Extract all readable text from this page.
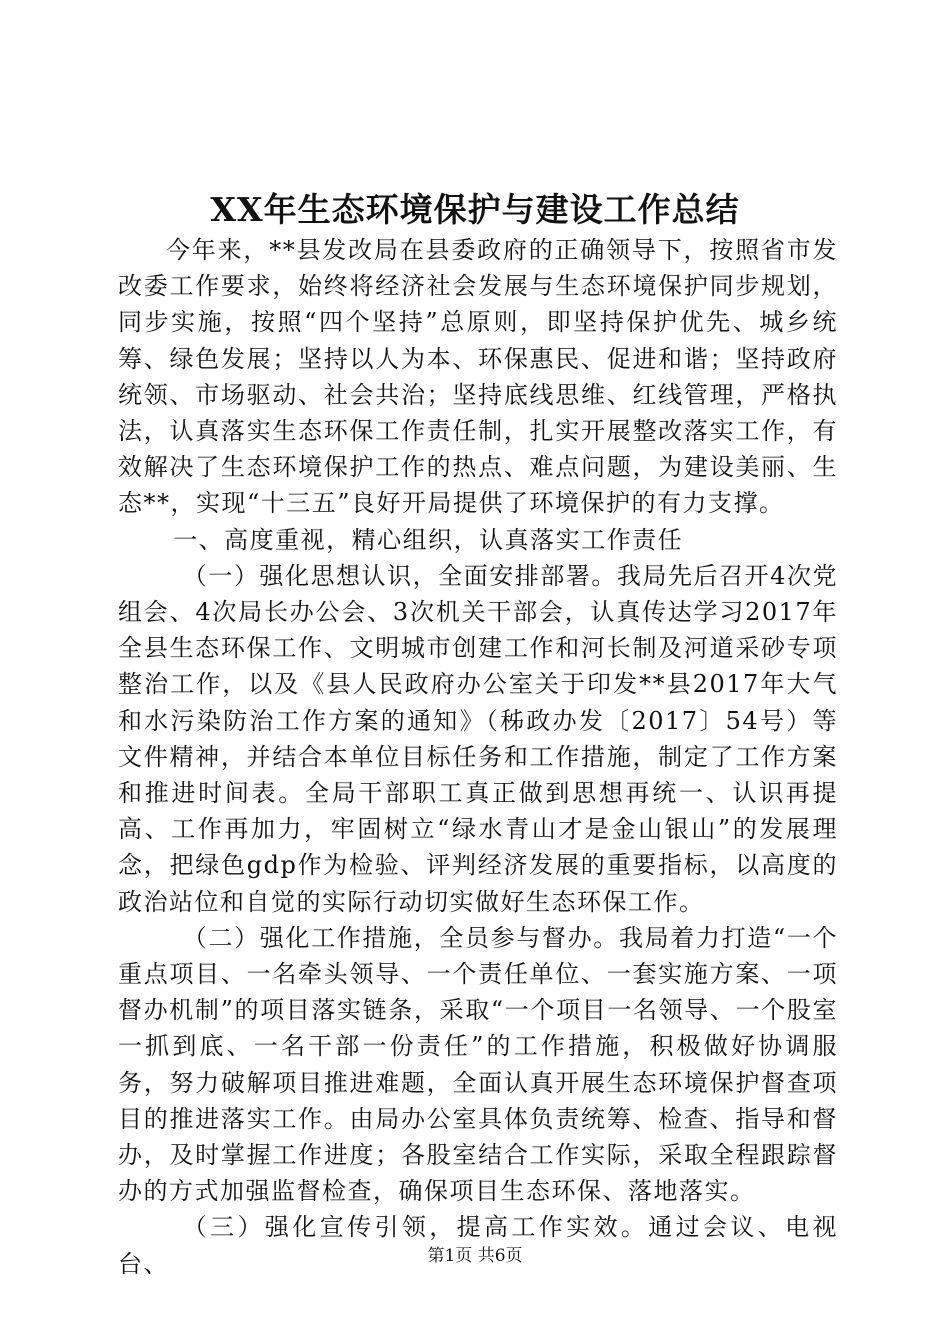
XX年生态环境保护与建设工作总结

今年来，**县发改局在县委政府的正确领导下，按照省市发改委工作要求，始终将经济社会发展与生态环境保护同步规划，同步实施，按照“四个坚持”总原则，即坚持保护优先、城乡统筹、绿色发展；坚持以人为本、环保惠民、促进和谐；坚持政府统领、市场驱动、社会共治；坚持底线思维、红线管理，严格执法，认真落实生态环保工作责任制，扎实开展整改落实工作，有效解决了生态环境保护工作的热点、难点问题，为建设美丽、生态**，实现“十三五”良好开局提供了环境保护的有力支撑。

一、高度重视，精心组织，认真落实工作责任

（一）强化思想认识，全面安排部署。我局先后召开4次党组会、4次局长办公会、3次机关干部会，认真传达学习2017年全县生态环保工作、文明城市创建工作和河长制及河道采砂专项整治工作，以及《县人民政府办公室关于印发**县2017年大气和水污染防治工作方案的通知》（秭政办发〔2017〕54号）等文件精神，并结合本单位目标任务和工作措施，制定了工作方案和推进时间表。全局干部职工真正做到思想再统一、认识再提高、工作再加力，牢固树立“绿水青山才是金山银山”的发展理念，把绿色gdp作为检验、评判经济发展的重要指标，以高度的政治站位和自觉的实际行动切实做好生态环保工作。

（二）强化工作措施，全员参与督办。我局着力打造“一个重点项目、一名牵头领导、一个责任单位、一套实施方案、一项督办机制”的项目落实链条，采取“一个项目一名领导、一个股室一抓到底、一名干部一份责任”的工作措施，积极做好协调服务，努力破解项目推进难题，全面认真开展生态环境保护督查项目的推进落实工作。由局办公室具体负责统筹、检查、指导和督办，及时掌握工作进度；各股室结合工作实际，采取全程跟踪督办的方式加强监督检查，确保项目生态环保、落地落实。

（三）强化宣传引领，提高工作实效。通过会议、电视台、	第1页 共6页
